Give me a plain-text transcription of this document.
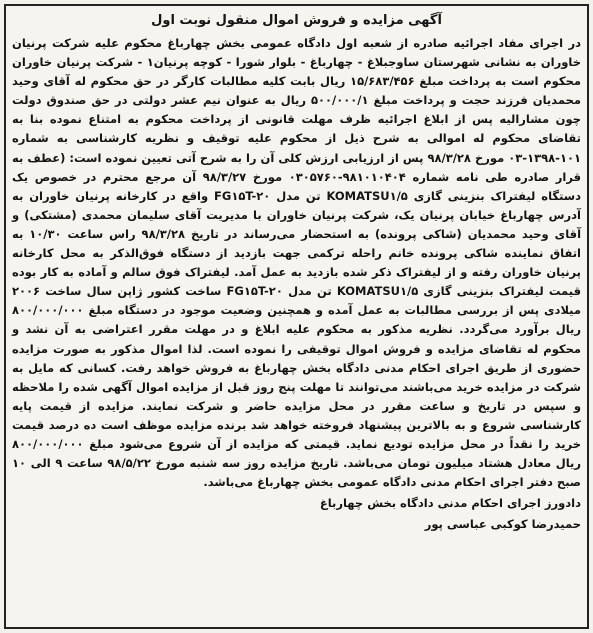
آگهی مزایده و فروش اموال منقول نوبت اول

در اجرای مفاد اجرائیه صادره از شعبه اول دادگاه عمومی بخش چهارباغ محکوم علیه شرکت پرنیان خاوران به نشانی شهرستان ساوجبلاغ - چهارباغ - بلوار شورا - کوچه پرنیان۱ - شرکت پرنیان خاوران محکوم است به پرداخت مبلغ ۱۵/۶۸۳/۴۵۶ ریال بابت کلیه مطالبات کارگر در حق محکوم له آقای وحید محمدیان فرزند حجت و پرداخت مبلغ ۵۰۰/۰۰۰/۱ ریال به عنوان نیم عشر دولتی در حق صندوق دولت چون مشارالیه پس از ابلاغ اجرائیه ظرف مهلت قانونی از پرداخت محکوم به امتناع نموده بنا به تقاضای محکوم له اموالی به شرح ذیل از محکوم علیه توقیف و نظریه کارشناسی به شماره ۱۰۱-۱۳۹۸-۰۳ مورخ ۹۸/۳/۲۸ پس از ارزیابی ارزش کلی آن را به شرح آتی تعیین نموده است: (عطف به قرار صادره طی نامه شماره ۹۸۱۰۱۰۴۰۴-۰۳۰۵۷۶۰ مورخ ۹۸/۳/۲۷ آن مرجع محترم در خصوص یک دستگاه لیفتراک بنزینی گازی KOMATSU۱/۵ تن مدل FG۱۵T-۲۰ واقع در کارخانه پرنیان خاوران به آدرس چهارباغ خیابان پرنیان یک، شرکت پرنیان خاوران با مدیریت آقای سلیمان محمدی (مشتکی) و آقای وحید محمدیان (شاکی پرونده) به استحضار می‌رساند در تاریخ ۹۸/۳/۲۸ راس ساعت ۱۰/۳۰ به اتفاق نماینده شاکی پرونده خانم راحله ترکمی جهت بازدید از دستگاه فوق‌الذکر به محل کارخانه پرنیان خاوران رفته و از لیفتراک ذکر شده بازدید به عمل آمد. لیفتراک فوق سالم و آماده به کار بوده قیمت لیفتراک بنزینی گازی KOMATSU۱/۵ تن مدل FG۱۵T-۲۰ ساخت کشور ژاپن سال ساخت ۲۰۰۶ میلادی پس از بررسی مطالبات به عمل آمده و همچنین وضعیت موجود در دستگاه مبلغ ۸۰۰/۰۰۰/۰۰۰ ریال برآورد می‌گردد. نظریه مذکور به محکوم علیه ابلاغ و در مهلت مقرر اعتراضی به آن نشد و محکوم له تقاضای مزایده و فروش اموال توقیفی را نموده است. لذا اموال مذکور به صورت مزایده حضوری از طریق اجرای احکام مدنی دادگاه بخش چهارباغ به فروش خواهد رفت. کسانی که مایل به شرکت در مزایده خرید می‌باشند می‌توانند تا مهلت پنج روز قبل از مزایده اموال آگهی شده را ملاحظه و سپس در تاریخ و ساعت مقرر در محل مزایده حاضر و شرکت نمایند. مزایده از قیمت پایه کارشناسی شروع و به بالاترین پیشنهاد فروخته خواهد شد برنده مزایده موظف است ده درصد قیمت خرید را نقداً در محل مزایده تودیع نماید. قیمتی که مزایده از آن شروع می‌شود مبلغ ۸۰۰/۰۰۰/۰۰۰ ریال معادل هشتاد میلیون تومان می‌باشد. تاریخ مزایده روز سه شنبه مورخ ۹۸/۵/۲۲ ساعت ۹ الی ۱۰ صبح دفتر اجرای احکام مدنی دادگاه عمومی بخش چهارباغ می‌باشد.

دادورز اجرای احکام مدنی دادگاه بخش چهارباغ
حمیدرضا کوکبی عباسی پور
